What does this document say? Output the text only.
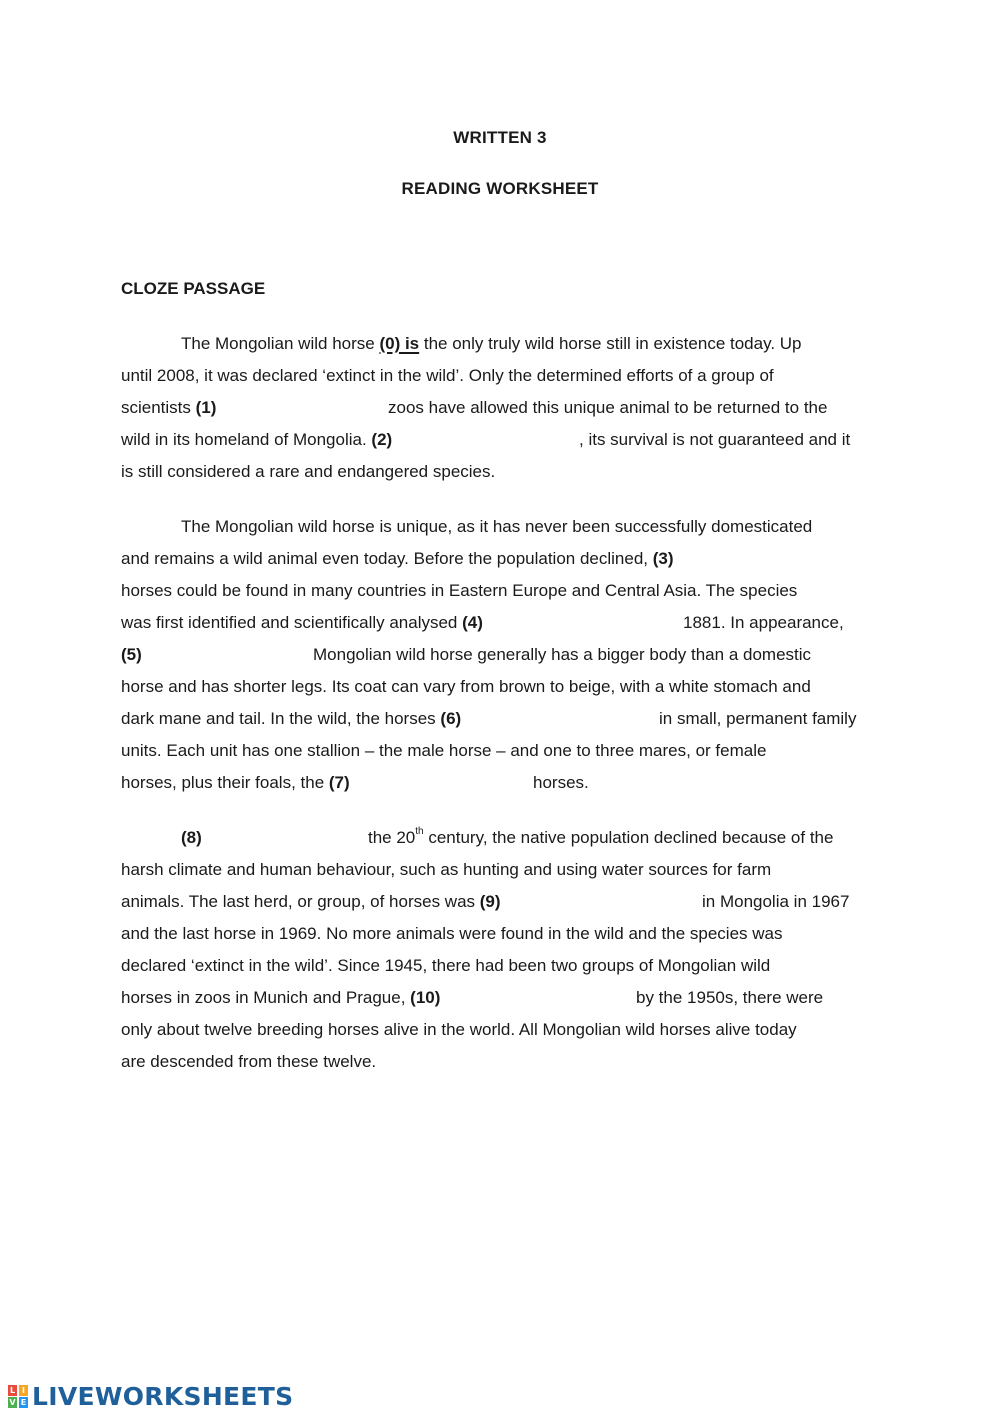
WRITTEN 3
READING WORKSHEET
CLOZE PASSAGE
The Mongolian wild horse (0) is the only truly wild horse still in existence today. Up
until 2008, it was declared ‘extinct in the wild’. Only the determined efforts of a group of
scientists (1)	zoos have allowed this unique animal to be returned to the
wild in its homeland of Mongolia. (2)	, its survival is not guaranteed and it
is still considered a rare and endangered species.
The Mongolian wild horse is unique, as it has never been successfully domesticated
and remains a wild animal even today. Before the population declined, (3)
horses could be found in many countries in Eastern Europe and Central Asia. The species
was first identified and scientifically analysed (4)	1881. In appearance,
(5)	Mongolian wild horse generally has a bigger body than a domestic
horse and has shorter legs. Its coat can vary from brown to beige, with a white stomach and
dark mane and tail. In the wild, the horses (6)	in small, permanent family
units. Each unit has one stallion – the male horse – and one to three mares, or female
horses, plus their foals, the (7)	horses.
(8)	the 20th century, the native population declined because of the
harsh climate and human behaviour, such as hunting and using water sources for farm
animals. The last herd, or group, of horses was (9)	in Mongolia in 1967
and the last horse in 1969. No more animals were found in the wild and the species was
declared ‘extinct in the wild’. Since 1945, there had been two groups of Mongolian wild
horses in zoos in Munich and Prague, (10)	by the 1950s, there were
only about twelve breeding horses alive in the world. All Mongolian wild horses alive today
are descended from these twelve.
L I
V E LIVEWORKSHEETS
